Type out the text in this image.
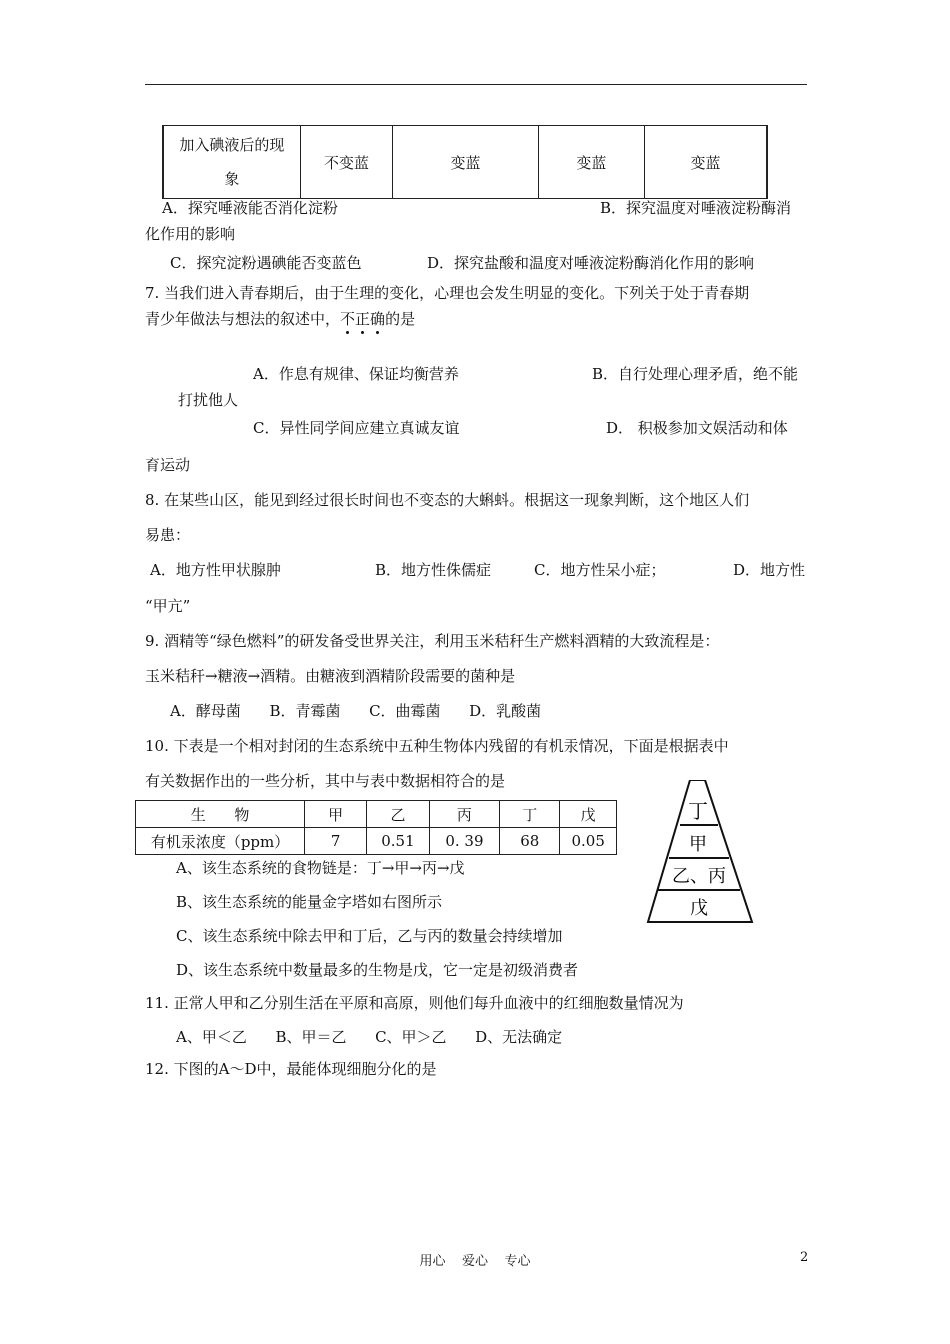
加入碘液后的现
象
	不变蓝	变蓝	变蓝	变蓝
A．探究唾液能否消化淀粉	B．探究温度对唾液淀粉酶消
化作用的影响
C．探究淀粉遇碘能否变蓝色	D．探究盐酸和温度对唾液淀粉酶消化作用的影响
7. 当我们进入青春期后，由于生理的变化，心理也会发生明显的变化。下列关于处于青春期
青少年做法与想法的叙述中，不正确的是
A．作息有规律、保证均衡营养	B．自行处理心理矛盾，绝不能
打扰他人
C．异性同学间应建立真诚友谊	D． 积极参加文娱活动和体
育运动
8. 在某些山区，能见到经过很长时间也不变态的大蝌蚪。根据这一现象判断，这个地区人们
易患：
A．地方性甲状腺肿	B．地方性侏儒症	C．地方性呆小症；	D．地方性
“甲亢”
9. 酒精等“绿色燃料”的研发备受世界关注，利用玉米秸秆生产燃料酒精的大致流程是：
玉米秸秆→糖液→酒精。由糖液到酒精阶段需要的菌种是
A．酵母菌      B．青霉菌      C．曲霉菌      D．乳酸菌
10. 下表是一个相对封闭的生态系统中五种生物体内残留的有机汞情况，下面是根据表中
有关数据作出的一些分析，其中与表中数据相符合的是
生      物	甲	乙	丙	丁	戊
有机汞浓度（ppm）	7	0.51	0. 39	68	0.05
丁
甲
乙、丙
戊
A、该生态系统的食物链是：丁→甲→丙→戊
B、该生态系统的能量金字塔如右图所示
C、该生态系统中除去甲和丁后，乙与丙的数量会持续增加
D、该生态系统中数量最多的生物是戊，它一定是初级消费者
11. 正常人甲和乙分别生活在平原和高原，则他们每升血液中的红细胞数量情况为
A、甲＜乙      B、甲＝乙      C、甲＞乙      D、无法确定
12. 下图的A～D中，最能体现细胞分化的是
用心    爱心    专心	2
